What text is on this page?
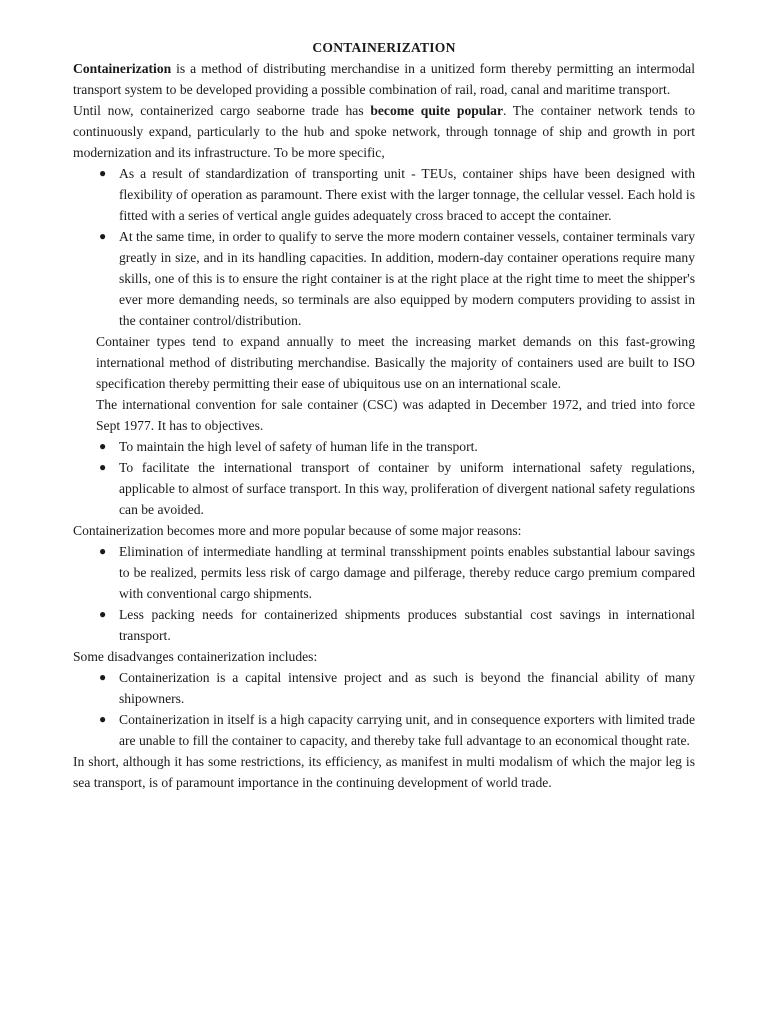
CONTAINERIZATION

Containerization is a method of distributing merchandise in a unitized form thereby permitting an intermodal transport system to be developed providing a possible combination of rail, road, canal and maritime transport.

Until now, containerized cargo seaborne trade has become quite popular. The container network tends to continuously expand, particularly to the hub and spoke network, through tonnage of ship and growth in port modernization and its infrastructure. To be more specific,

● As a result of standardization of transporting unit - TEUs, container ships have been designed with flexibility of operation as paramount. There exist with the larger tonnage, the cellular vessel. Each hold is fitted with a series of vertical angle guides adequately cross braced to accept the container.
● At the same time, in order to qualify to serve the more modern container vessels, container terminals vary greatly in size, and in its handling capacities. In addition, modern-day container operations require many skills, one of this is to ensure the right container is at the right place at the right time to meet the shipper's ever more demanding needs, so terminals are also equipped by modern computers providing to assist in the container control/distribution.

Container types tend to expand annually to meet the increasing market demands on this fast-growing international method of distributing merchandise. Basically the majority of containers used are built to ISO specification thereby permitting their ease of ubiquitous use on an international scale.

The international convention for sale container (CSC) was adapted in December 1972, and tried into force Sept 1977. It has to objectives.

● To maintain the high level of safety of human life in the transport.
● To facilitate the international transport of container by uniform international safety regulations, applicable to almost of surface transport. In this way, proliferation of divergent national safety regulations can be avoided.

Containerization becomes more and more popular because of some major reasons:

● Elimination of intermediate handling at terminal transshipment points enables substantial labour savings to be realized, permits less risk of cargo damage and pilferage, thereby reduce cargo premium compared with conventional cargo shipments.
● Less packing needs for containerized shipments produces substantial cost savings in international transport.

Some disadvanges containerization includes:

● Containerization is a capital intensive project and as such is beyond the financial ability of many shipowners.
● Containerization in itself is a high capacity carrying unit, and in consequence exporters with limited trade are unable to fill the container to capacity, and thereby take full advantage to an economical thought rate.

In short, although it has some restrictions, its efficiency, as manifest in multi modalism of which the major leg is sea transport, is of paramount importance in the continuing development of world trade.
